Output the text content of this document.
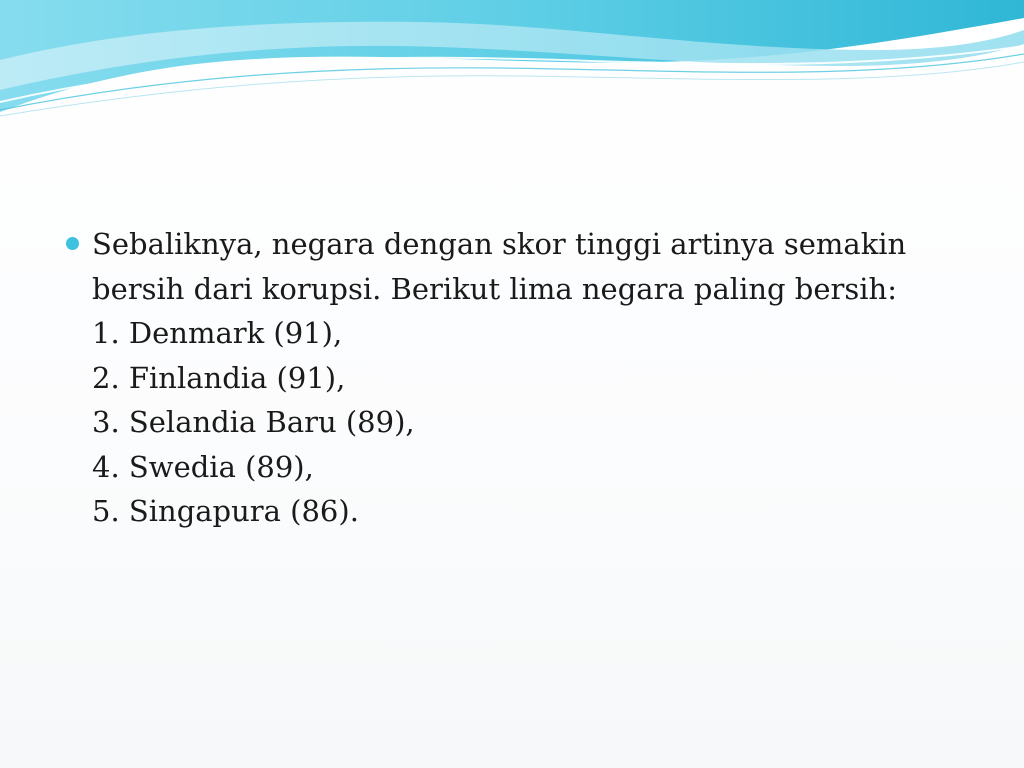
Sebaliknya, negara dengan skor tinggi artinya semakin
bersih dari korupsi. Berikut lima negara paling bersih:
1. Denmark (91),
2. Finlandia (91),
3. Selandia Baru (89),
4. Swedia (89),
5. Singapura (86).
